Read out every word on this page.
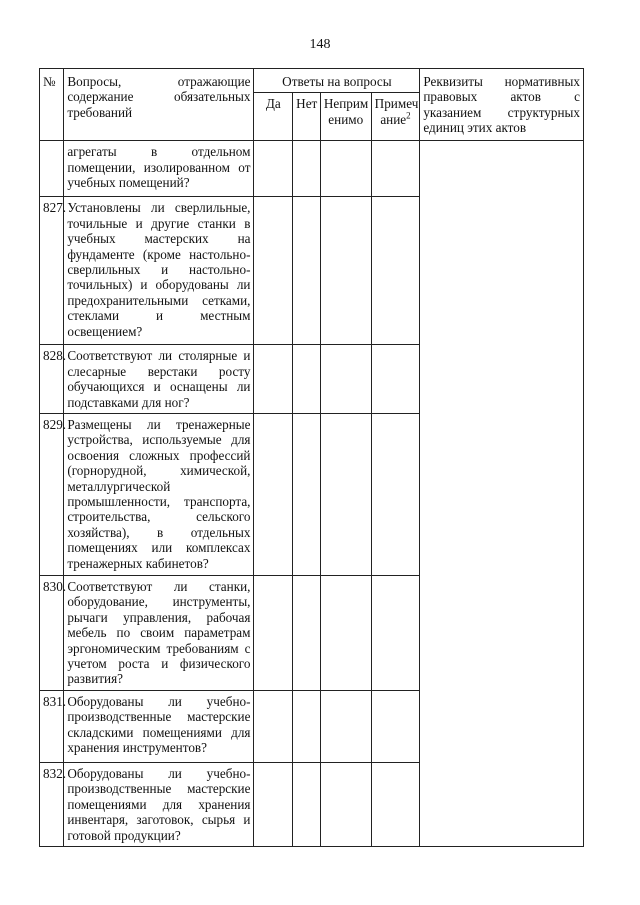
148
№	Вопросы, отражающие содержание обязательных требований	Ответы на вопросы				Реквизиты нормативных правовых актов с указанием структурных единиц этих актов
		Да	Нет	Неприм енимо	Примеч ание$^2$
	агрегаты в отдельном помещении, изолированном от учебных помещений?					
827.	Установлены ли сверлильные, точильные и другие станки в учебных мастерских на фундаменте (кроме настольно-сверлильных и настольно-точильных) и оборудованы ли предохранительными сетками, стеклами и местным освещением?					
828.	Соответствуют ли столярные и слесарные верстаки росту обучающихся и оснащены ли подставками для ног?					
829.	Размещены ли тренажерные устройства, используемые для освоения сложных профессий (горнорудной, химической, металлургической промышленности, транспорта, строительства, сельского хозяйства), в отдельных помещениях или комплексах тренажерных кабинетов?					
830.	Соответствуют ли станки, оборудование, инструменты, рычаги управления, рабочая мебель по своим параметрам эргономическим требованиям с учетом роста и физического развития?					
831.	Оборудованы ли учебно-производственные мастерские складскими помещениями для хранения инструментов?					
832.	Оборудованы ли учебно-производственные мастерские помещениями для хранения инвентаря, заготовок, сырья и готовой продукции?					
